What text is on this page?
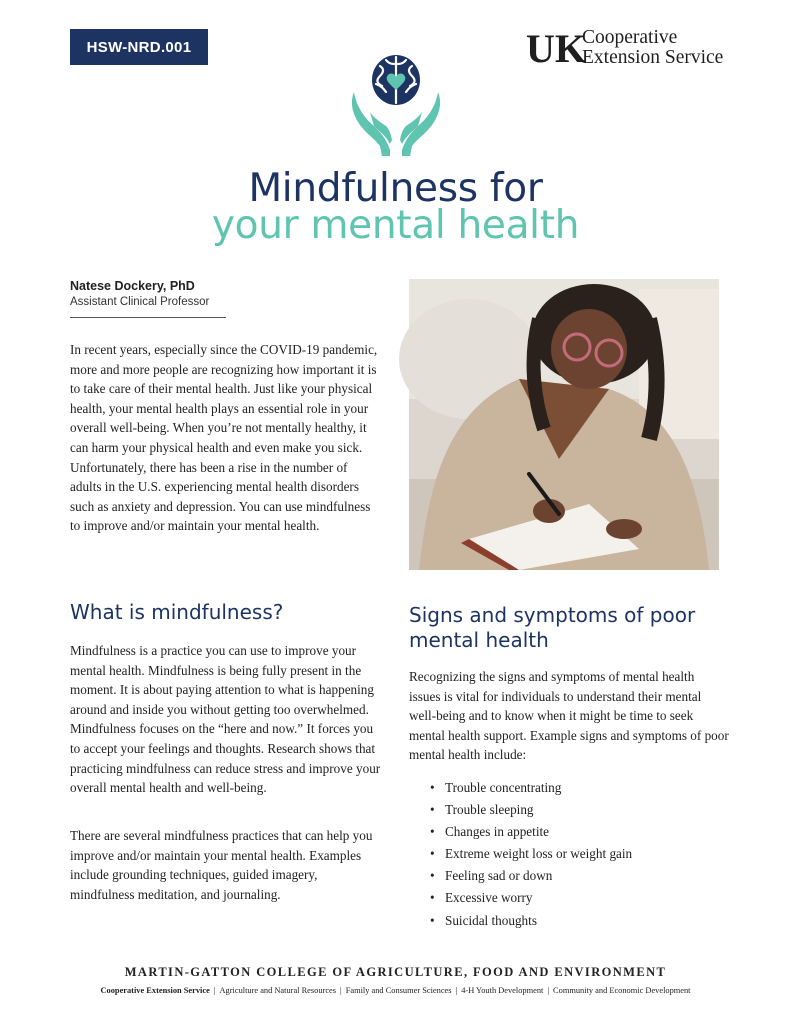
HSW-NRD.001	UK
Cooperative
Extension Service
Mindfulness for
your mental health
Natese Dockery, PhD
Assistant Clinical Professor

In recent years, especially since the COVID-19 pandemic, more and more people are recognizing how important it is to take care of their mental health. Just like your physical health, your mental health plays an essential role in your overall well-being. When you’re not mentally healthy, it can harm your physical health and even make you sick. Unfortunately, there has been a rise in the number of adults in the U.S. experiencing mental health disorders such as anxiety and depression. You can use mindfulness to improve and/or maintain your mental health.

What is mindfulness?

Mindfulness is a practice you can use to improve your mental health. Mindfulness is being fully present in the moment. It is about paying attention to what is happening around and inside you without getting too overwhelmed. Mindfulness focuses on the “here and now.” It forces you to accept your feelings and thoughts. Research shows that practicing mindfulness can reduce stress and improve your overall mental health and well-being.

There are several mindfulness practices that can help you improve and/or maintain your mental health. Examples include grounding techniques, guided imagery, mindfulness meditation, and journaling.

Signs and symptoms of poor mental health

Recognizing the signs and symptoms of mental health issues is vital for individuals to understand their mental well-being and to know when it might be time to seek mental health support. Example signs and symptoms of poor mental health include:

• Trouble concentrating
• Trouble sleeping
• Changes in appetite
• Extreme weight loss or weight gain
• Feeling sad or down
• Excessive worry
• Suicidal thoughts
MARTIN-GATTON COLLEGE OF AGRICULTURE, FOOD AND ENVIRONMENT
Cooperative Extension Service | Agriculture and Natural Resources | Family and Consumer Sciences | 4-H Youth Development | Community and Economic Development
